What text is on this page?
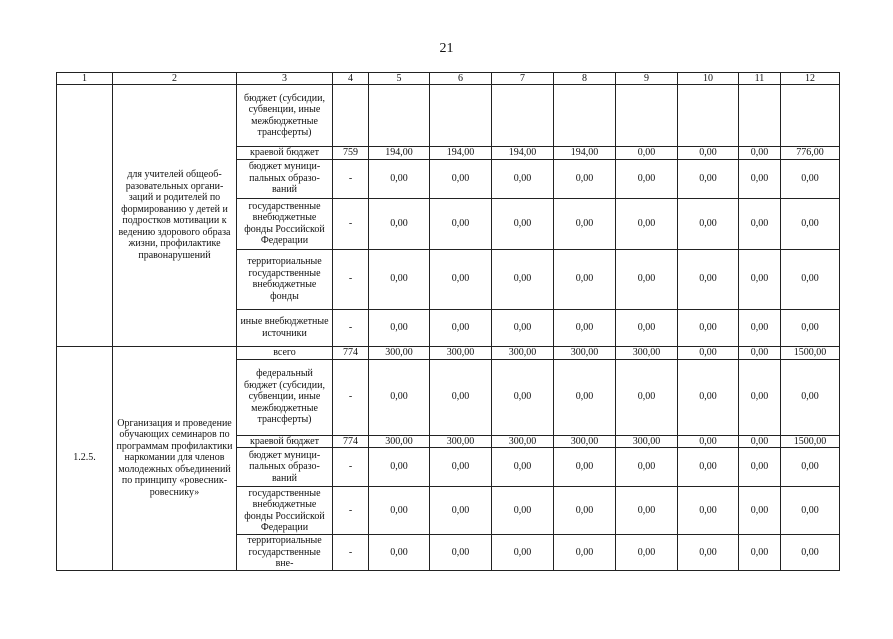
21
1	2	3	4	5	6	7	8	9	10	11	12
	для учителей общеобразовательных организаций и родителей по формированию у детей и подростков мотивации к ведению здорового образа жизни, профилактике правонарушений	бюджет (субсидии, субвенции, иные межбюджетные трансферты)									
		краевой бюджет	759	194,00	194,00	194,00	194,00	0,00	0,00	0,00	776,00
		бюджет муниципальных образований	-	0,00	0,00	0,00	0,00	0,00	0,00	0,00	0,00
		государственные внебюджетные фонды Российской Федерации	-	0,00	0,00	0,00	0,00	0,00	0,00	0,00	0,00
		территориальные государственные внебюджетные фонды	-	0,00	0,00	0,00	0,00	0,00	0,00	0,00	0,00
		иные внебюджетные источники	-	0,00	0,00	0,00	0,00	0,00	0,00	0,00	0,00
1.2.5.	Организация и проведение обучающих семинаров по программам профилактики наркомании для членов молодежных объединений по принципу «ровесник-ровеснику»	всего	774	300,00	300,00	300,00	300,00	300,00	0,00	0,00	1500,00
		федеральный бюджет (субсидии, субвенции, иные межбюджетные трансферты)	-	0,00	0,00	0,00	0,00	0,00	0,00	0,00	0,00
		краевой бюджет	774	300,00	300,00	300,00	300,00	300,00	0,00	0,00	1500,00
		бюджет муниципальных образований	-	0,00	0,00	0,00	0,00	0,00	0,00	0,00	0,00
		государственные внебюджетные фонды Российской Федерации	-	0,00	0,00	0,00	0,00	0,00	0,00	0,00	0,00
		территориальные государственные вне-	-	0,00	0,00	0,00	0,00	0,00	0,00	0,00	0,00
